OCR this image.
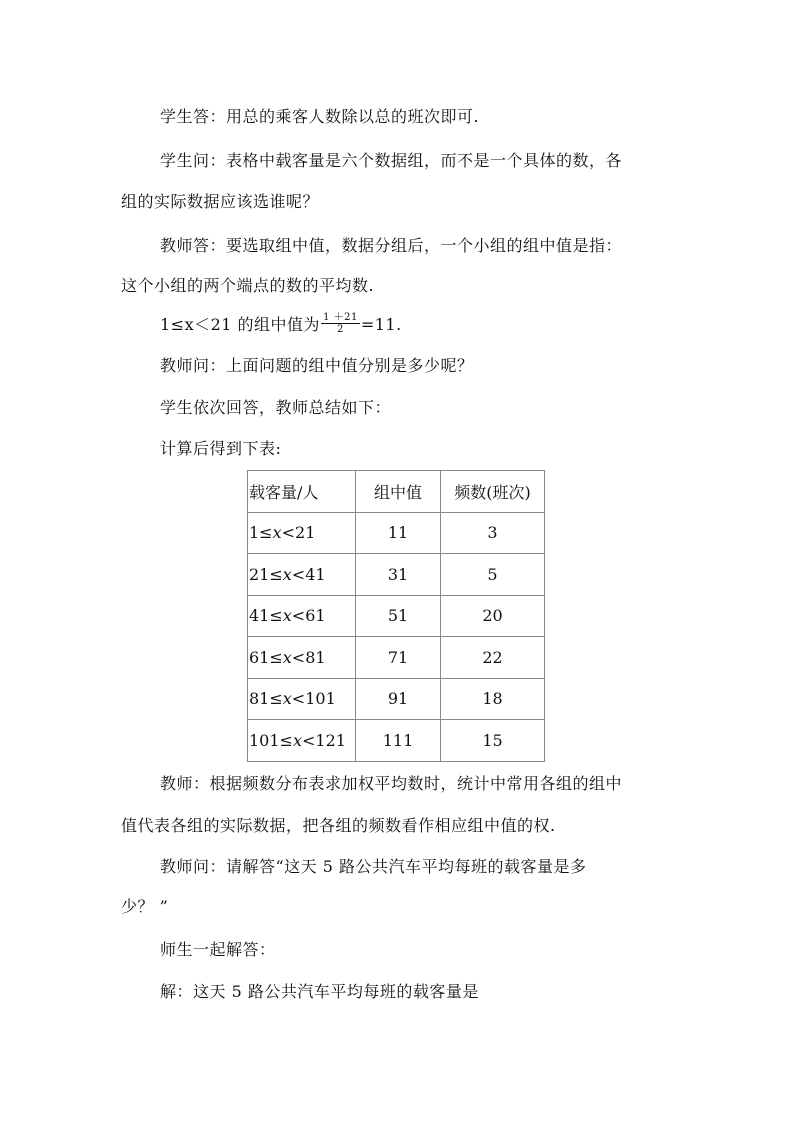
学生答：用总的乘客人数除以总的班次即可.
学生问：表格中载客量是六个数据组，而不是一个具体的数，各
组的实际数据应该选谁呢？
教师答：要选取组中值，数据分组后，一个小组的组中值是指：
这个小组的两个端点的数的平均数.
1≤x＜21 的组中值为 $\frac{1 +21}{2} =11$.
教师问：上面问题的组中值分别是多少呢？
学生依次回答，教师总结如下：
计算后得到下表:
载客量/人	组中值	频数(班次)
1≤x<21	11	3
21≤x<41	31	5
41≤x<61	51	20
61≤x<81	71	22
81≤x<101	91	18
101≤x<121	111	15
教师：根据频数分布表求加权平均数时，统计中常用各组的组中
值代表各组的实际数据，把各组的频数看作相应组中值的权.
教师问：请解答“这天 5 路公共汽车平均每班的载客量是多
少？ ”
师生一起解答：
解：这天 5 路公共汽车平均每班的载客量是
